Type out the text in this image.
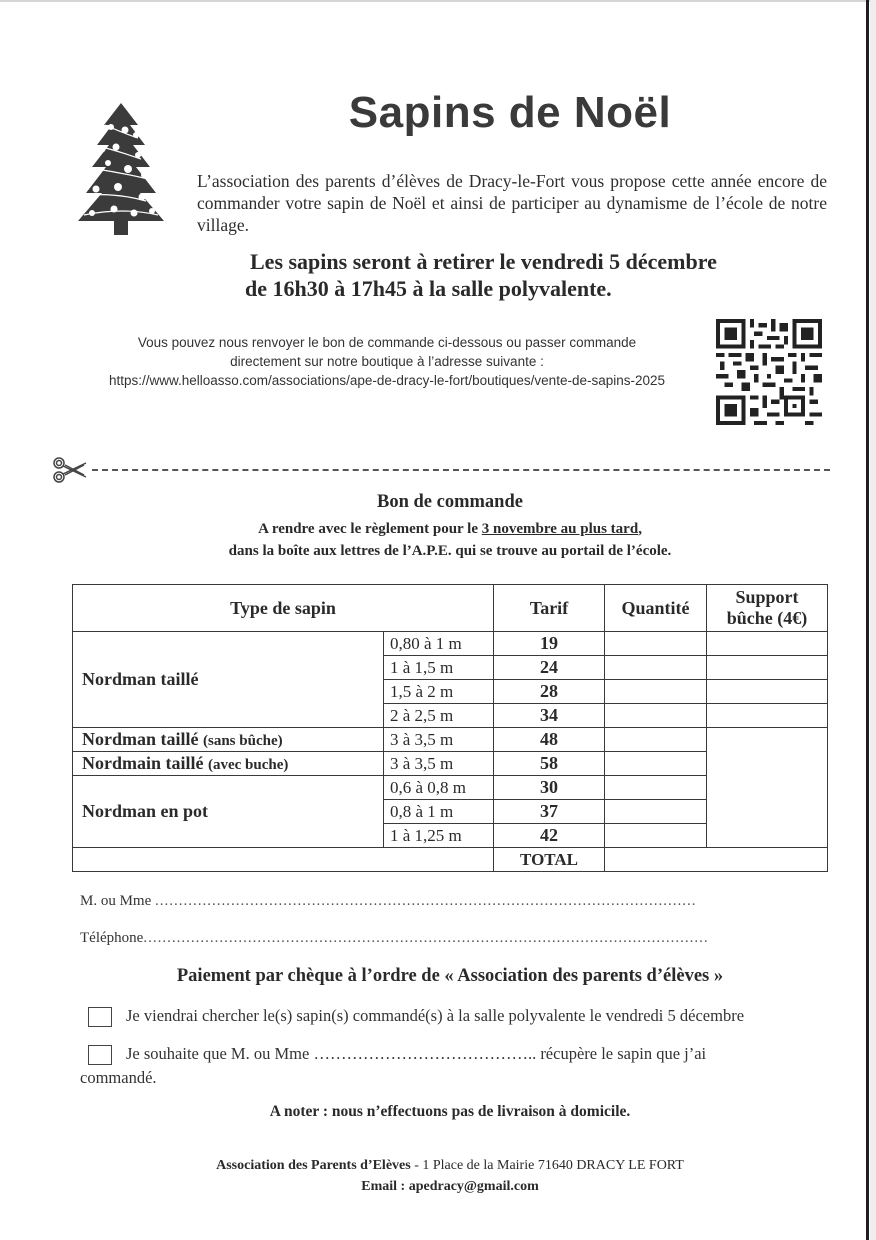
Sapins de Noël

L’association des parents d’élèves de Dracy-le-Fort vous propose cette année encore de commander votre sapin de Noël et ainsi de participer au dynamisme de l’école de notre village.

Les sapins seront à retirer le vendredi 5 décembre
de 16h30 à 17h45 à la salle polyvalente.

Vous pouvez nous renvoyer le bon de commande ci-dessous ou passer commande
directement sur notre boutique à l’adresse suivante :
https://www.helloasso.com/associations/ape-de-dracy-le-fort/boutiques/vente-de-sapins-2025

Bon de commande

A rendre avec le règlement pour le 3 novembre au plus tard,
dans la boîte aux lettres de l’A.P.E. qui se trouve au portail de l’école.

Type de sapin		Tarif	Quantité	Support
bûche (4€)
Nordman taillé	0,80 à 1 m	19		
	1 à 1,5 m	24		
	1,5 à 2 m	28		
	2 à 2,5 m	34		
Nordman taillé (sans bûche)	3 à 3,5 m	48		
Nordmain taillé (avec buche)	3 à 3,5 m	58		
Nordman en pot	0,6 à 0,8 m	30		
	0,8 à 1 m	37		
	1 à 1,25 m	42		
		TOTAL		
M. ou Mme ..................................................................................................................
Téléphone.......................................................................................................................
Paiement par chèque à l’ordre de « Association des parents d’élèves »
Je viendrai chercher le(s) sapin(s) commandé(s) à la salle polyvalente le vendredi 5 décembre
Je souhaite que M. ou Mme ………………………………….. récupère le sapin que j’ai
commandé.

A noter : nous n’effectuons pas de livraison à domicile.

Association des Parents d’Elèves - 1 Place de la Mairie 71640 DRACY LE FORT
Email : apedracy@gmail.com
